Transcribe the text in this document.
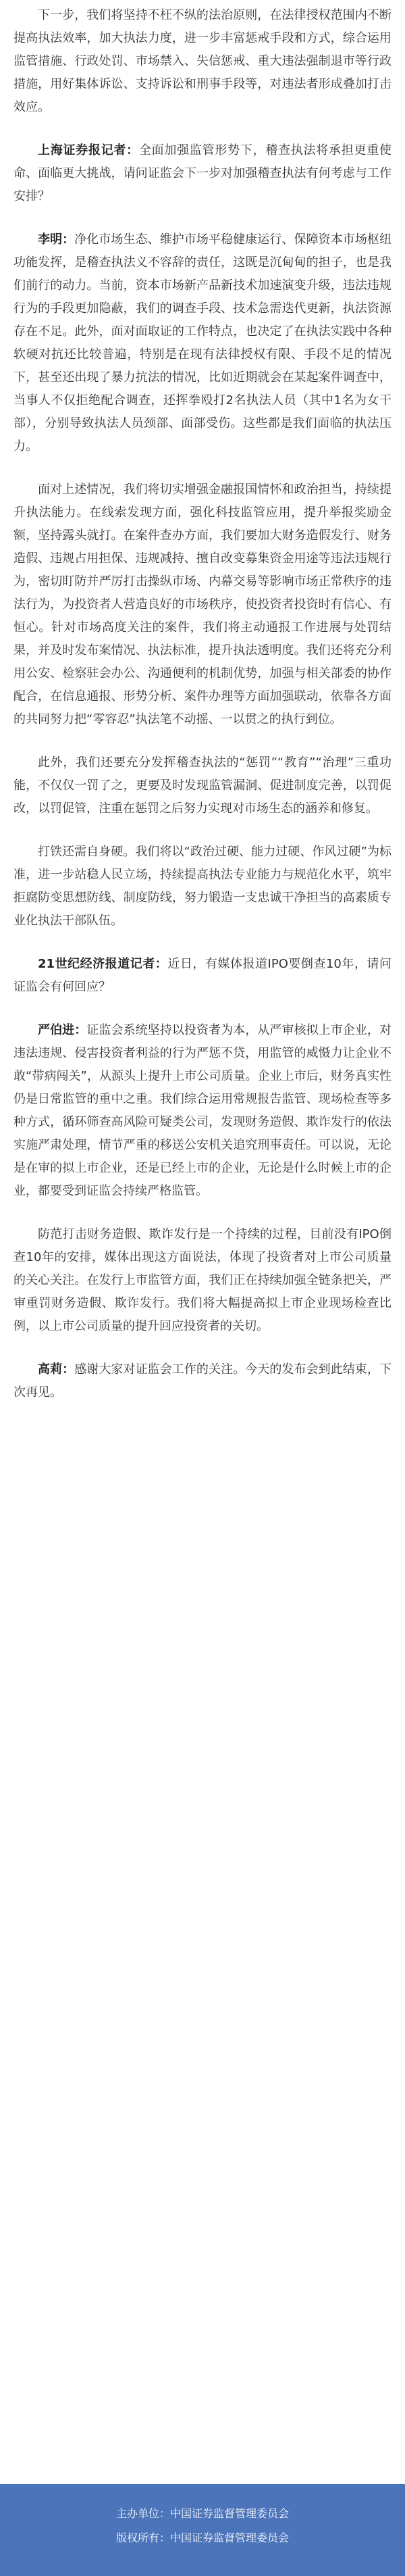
下一步，我们将坚持不枉不纵的法治原则，在法律授权范围内不断提高执法效率，加大执法力度，进一步丰富惩戒手段和方式，综合运用监管措施、行政处罚、市场禁入、失信惩戒、重大违法强制退市等行政措施，用好集体诉讼、支持诉讼和刑事手段等，对违法者形成叠加打击效应。

上海证券报记者：全面加强监管形势下，稽查执法将承担更重使命、面临更大挑战，请问证监会下一步对加强稽查执法有何考虑与工作安排？

李明：净化市场生态、维护市场平稳健康运行、保障资本市场枢纽功能发挥，是稽查执法义不容辞的责任，这既是沉甸甸的担子，也是我们前行的动力。当前，资本市场新产品新技术加速演变升级，违法违规行为的手段更加隐蔽，我们的调查手段、技术急需迭代更新，执法资源存在不足。此外，面对面取证的工作特点，也决定了在执法实践中各种软硬对抗还比较普遍，特别是在现有法律授权有限、手段不足的情况下，甚至还出现了暴力抗法的情况，比如近期就会在某起案件调查中，当事人不仅拒绝配合调查，还挥拳殴打2名执法人员（其中1名为女干部），分别导致执法人员颈部、面部受伤。这些都是我们面临的执法压力。

面对上述情况，我们将切实增强金融报国情怀和政治担当，持续提升执法能力。在线索发现方面，强化科技监管应用，提升举报奖励金额，坚持露头就打。在案件查办方面，我们要加大财务造假发行、财务造假、违规占用担保、违规减持、擅自改变募集资金用途等违法违规行为，密切盯防并严厉打击操纵市场、内幕交易等影响市场正常秩序的违法行为，为投资者人营造良好的市场秩序，使投资者投资时有信心、有恒心。针对市场高度关注的案件，我们将主动通报工作进展与处罚结果，并及时发布案情况、执法标准，提升执法透明度。我们还将充分利用公安、检察驻会办公、沟通便利的机制优势，加强与相关部委的协作配合，在信息通报、形势分析、案件办理等方面加强联动，依靠各方面的共同努力把“零容忍”执法笔不动摇、一以贯之的执行到位。

此外，我们还要充分发挥稽查执法的“惩罚”“教育”“治理”三重功能，不仅仅一罚了之，更要及时发现监管漏洞、促进制度完善，以罚促改，以罚促管，注重在惩罚之后努力实现对市场生态的涵养和修复。

打铁还需自身硬。我们将以“政治过硬、能力过硬、作风过硬”为标准，进一步站稳人民立场，持续提高执法专业能力与规范化水平，筑牢拒腐防变思想防线、制度防线，努力锻造一支忠诚干净担当的高素质专业化执法干部队伍。

21世纪经济报道记者：近日，有媒体报道IPO要倒查10年，请问证监会有何回应？

严伯进：证监会系统坚持以投资者为本，从严审核拟上市企业，对违法违规、侵害投资者利益的行为严惩不贷，用监管的威慑力让企业不敢“带病闯关”，从源头上提升上市公司质量。企业上市后，财务真实性仍是日常监管的重中之重。我们综合运用常规报告监管、现场检查等多种方式，循环筛查高风险可疑类公司，发现财务造假、欺诈发行的依法实施严肃处理，情节严重的移送公安机关追究刑事责任。可以说，无论是在审的拟上市企业，还是已经上市的企业，无论是什么时候上市的企业，都要受到证监会持续严格监管。

防范打击财务造假、欺诈发行是一个持续的过程，目前没有IPO倒查10年的安排，媒体出现这方面说法，体现了投资者对上市公司质量的关心关注。在发行上市监管方面，我们正在持续加强全链条把关，严审重罚财务造假、欺诈发行。我们将大幅提高拟上市企业现场检查比例，以上市公司质量的提升回应投资者的关切。

高莉：感谢大家对证监会工作的关注。今天的发布会到此结束，下次再见。

主办单位：中国证券监督管理委员会
版权所有：中国证券监督管理委员会
